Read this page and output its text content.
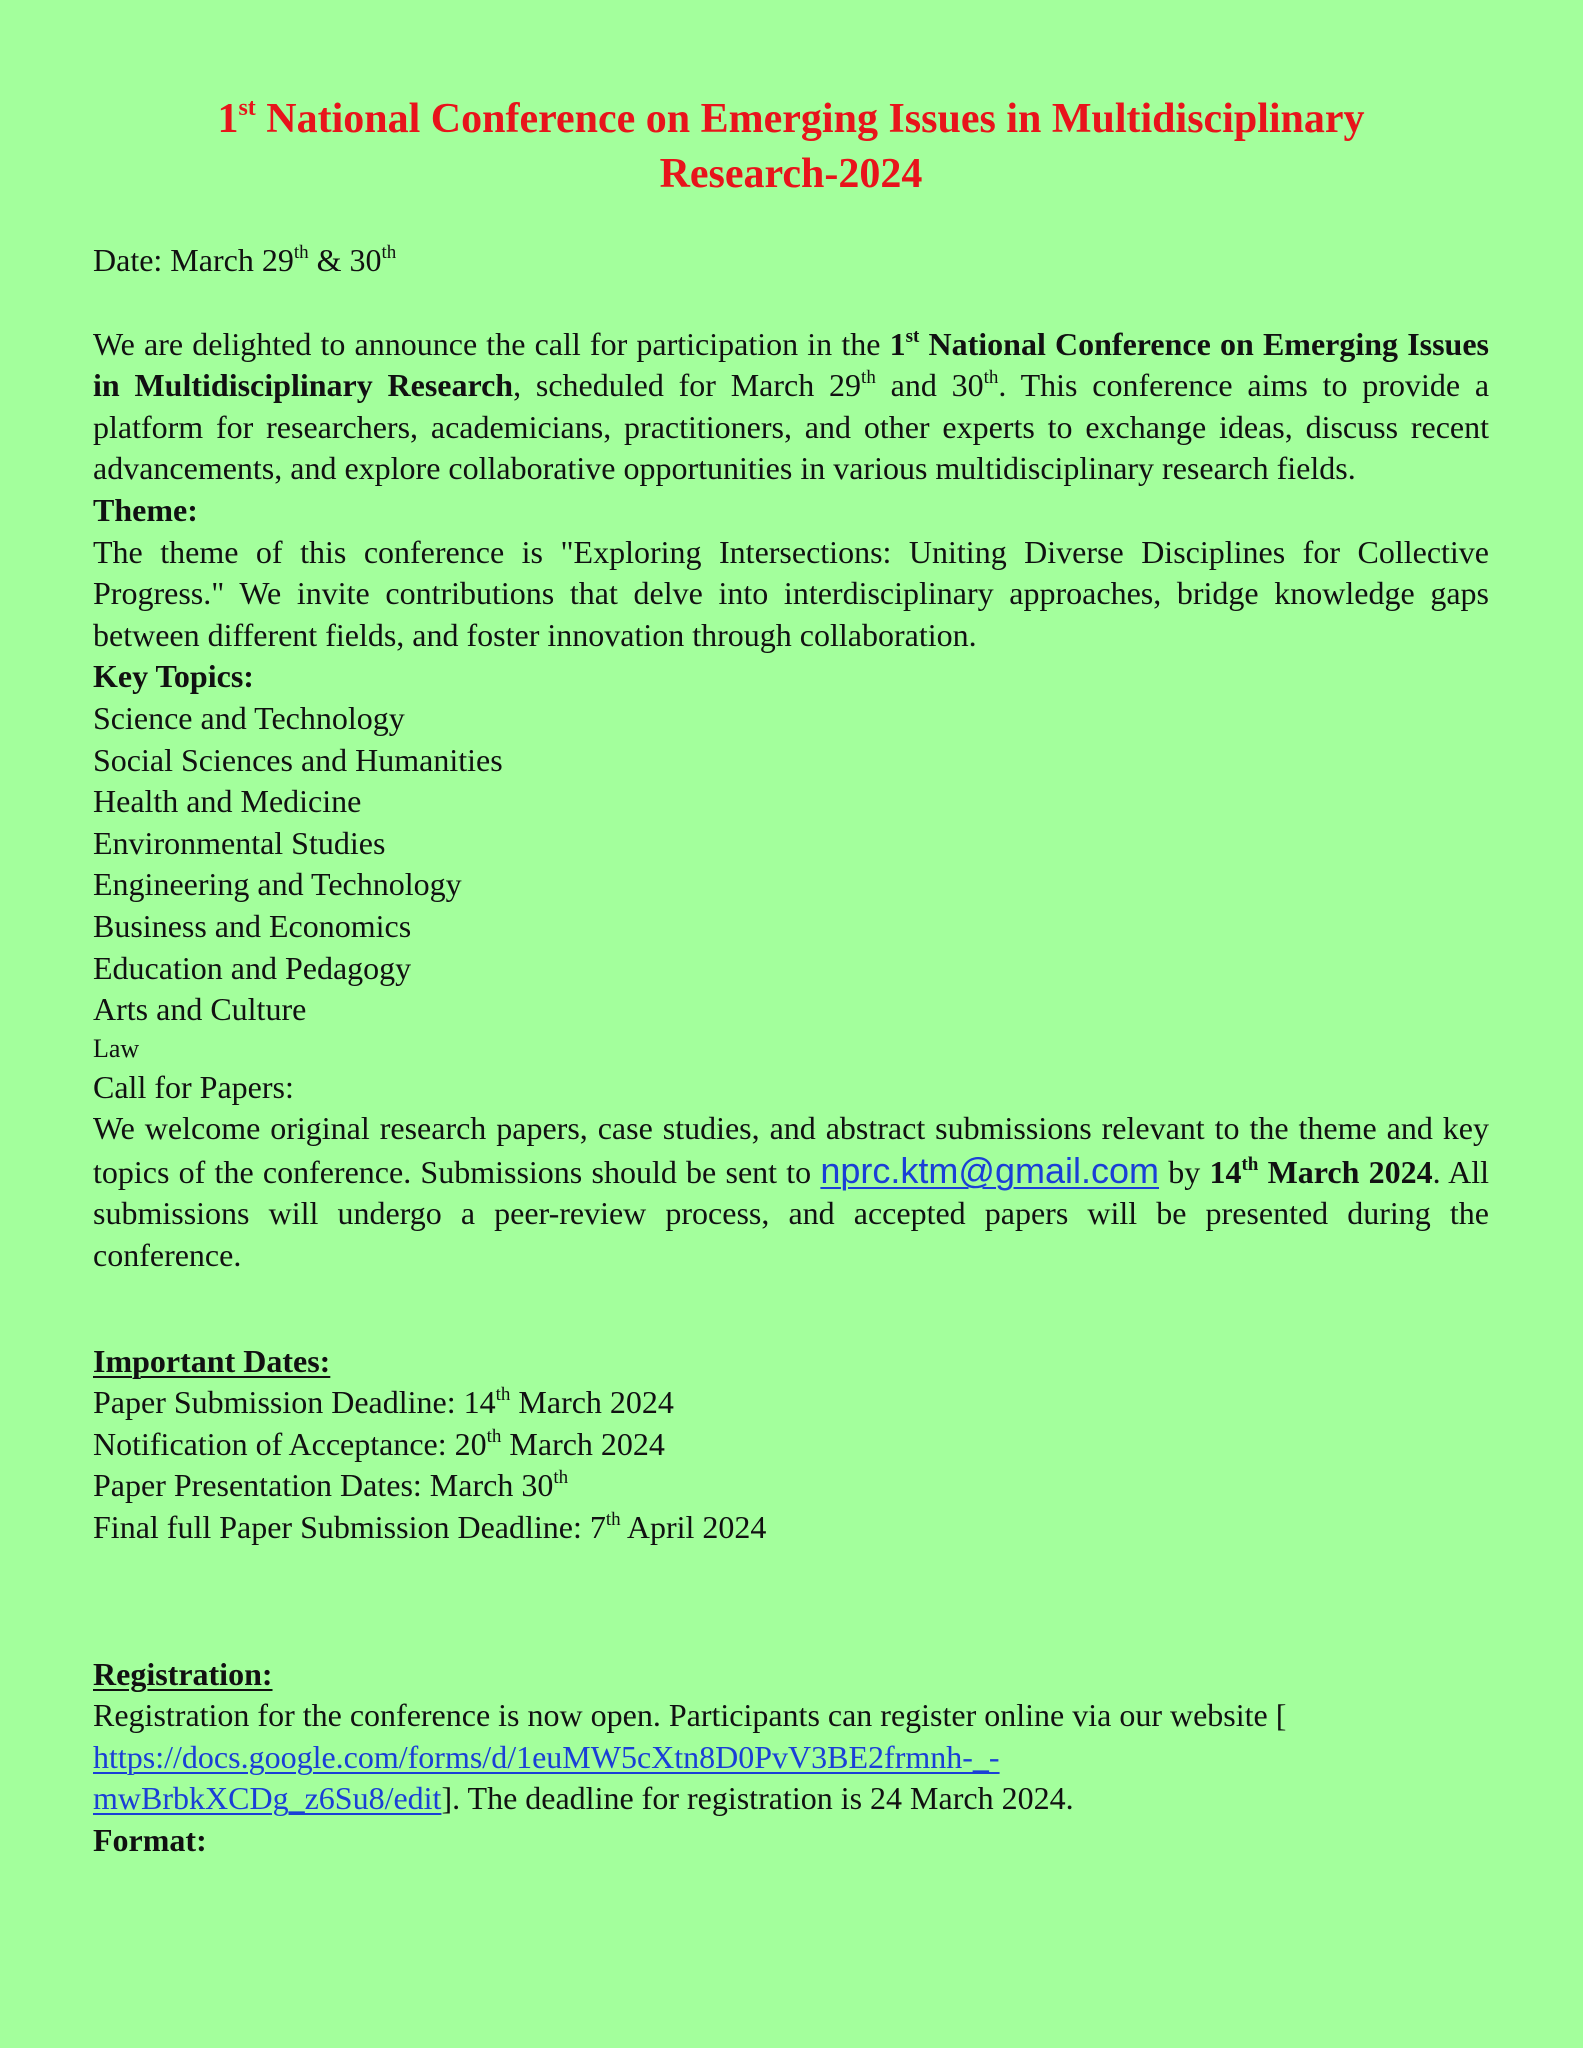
1st National Conference on Emerging Issues in Multidisciplinary
Research-2024
Date: March 29th & 30th
We are delighted to announce the call for participation in the 1st National Conference on Emerging Issues in Multidisciplinary Research, scheduled for March 29th and 30th. This conference aims to provide a platform for researchers, academicians, practitioners, and other experts to exchange ideas, discuss recent advancements, and explore collaborative opportunities in various multidisciplinary research fields.
Theme:
The theme of this conference is "Exploring Intersections: Uniting Diverse Disciplines for Collective Progress." We invite contributions that delve into interdisciplinary approaches, bridge knowledge gaps between different fields, and foster innovation through collaboration.
Key Topics:
Science and Technology
Social Sciences and Humanities
Health and Medicine
Environmental Studies
Engineering and Technology
Business and Economics
Education and Pedagogy
Arts and Culture
Law
Call for Papers:
We welcome original research papers, case studies, and abstract submissions relevant to the theme and key topics of the conference. Submissions should be sent to nprc.ktm@gmail.com by 14th March 2024. All submissions will undergo a peer-review process, and accepted papers will be presented during the conference.
Important Dates:
Paper Submission Deadline: 14th March 2024
Notification of Acceptance: 20th March 2024
Paper Presentation Dates: March 30th
Final full Paper Submission Deadline: 7th April 2024
Registration:
Registration for the conference is now open. Participants can register online via our website [
https://docs.google.com/forms/d/1euMW5cXtn8D0PvV3BE2frmnh-_-
mwBrbkXCDg_z6Su8/edit]. The deadline for registration is 24 March 2024.
Format:
